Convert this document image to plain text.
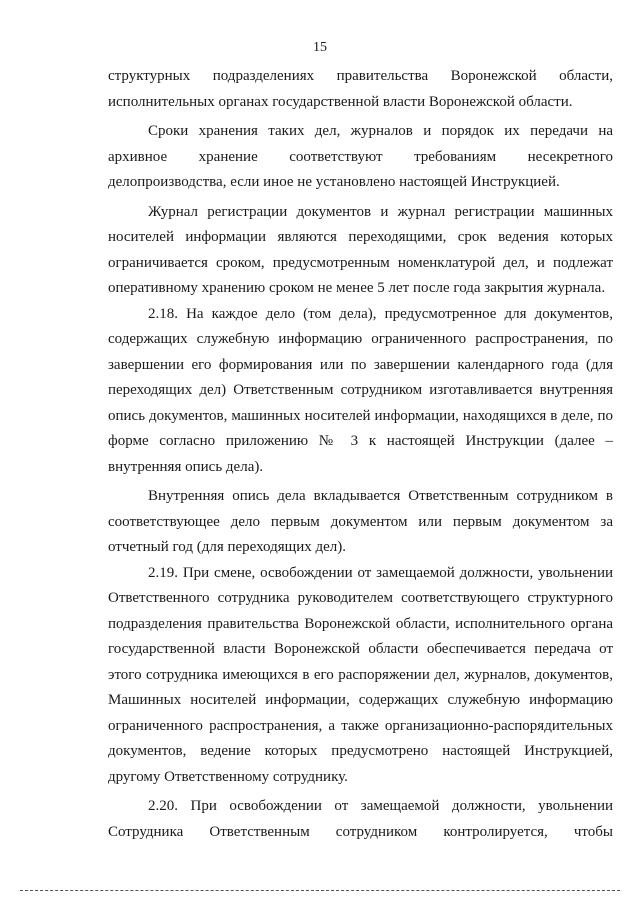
15

структурных подразделениях правительства Воронежской области, исполнительных органах государственной власти Воронежской области.

Сроки хранения таких дел, журналов и порядок их передачи на архивное хранение соответствуют требованиям несекретного делопроизводства, если иное не установлено настоящей Инструкцией.

Журнал регистрации документов и журнал регистрации машинных носителей информации являются переходящими, срок ведения которых ограничивается сроком, предусмотренным номенклатурой дел, и подлежат оперативному хранению сроком не менее 5 лет после года закрытия журнала.

2.18. На каждое дело (том дела), предусмотренное для документов, содержащих служебную информацию ограниченного распространения, по завершении его формирования или по завершении календарного года (для переходящих дел) Ответственным сотрудником изготавливается внутренняя опись документов, машинных носителей информации, находящихся в деле, по форме согласно приложению № 3 к настоящей Инструкции (далее – внутренняя опись дела).

Внутренняя опись дела вкладывается Ответственным сотрудником в соответствующее дело первым документом или первым документом за отчетный год (для переходящих дел).

2.19. При смене, освобождении от замещаемой должности, увольнении Ответственного сотрудника руководителем соответствующего структурного подразделения правительства Воронежской области, исполнительного органа государственной власти Воронежской области обеспечивается передача от этого сотрудника имеющихся в его распоряжении дел, журналов, документов, Машинных носителей информации, содержащих служебную информацию ограниченного распространения, а также организационно-распорядительных документов, ведение которых предусмотрено настоящей Инструкцией, другому Ответственному сотруднику.

2.20. При освобождении от замещаемой должности, увольнении Сотрудника Ответственным сотрудником контролируется, чтобы
